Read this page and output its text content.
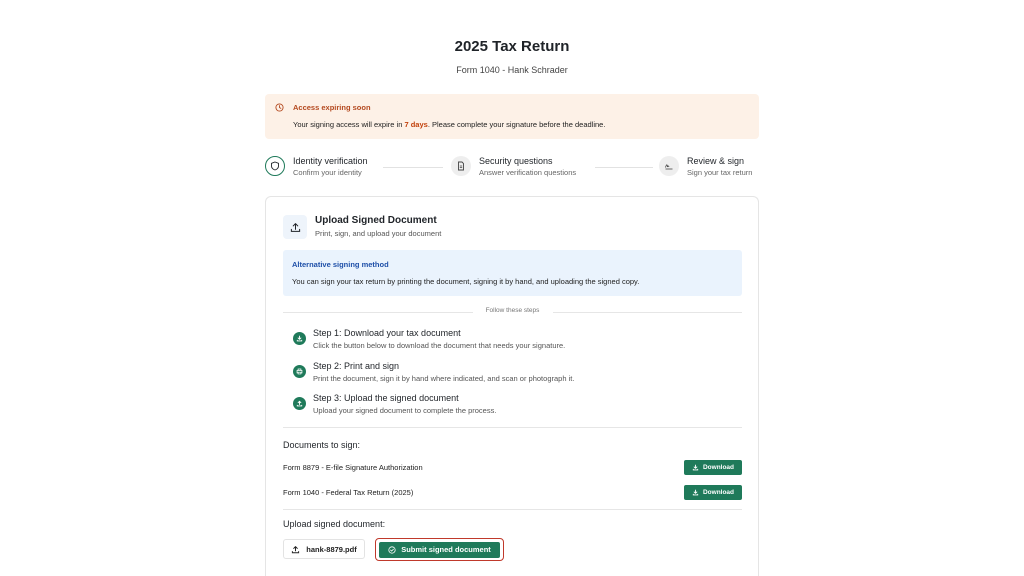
2025 Tax Return
Form 1040 - Hank Schrader
Access expiring soon
Your signing access will expire in 7 days. Please complete your signature before the deadline.
Identity verification
Confirm your identity
Security questions
Answer verification questions
Review & sign
Sign your tax return
Upload Signed Document
Print, sign, and upload your document
Alternative signing method
You can sign your tax return by printing the document, signing it by hand, and uploading the signed copy.
Follow these steps
Step 1: Download your tax document
Click the button below to download the document that needs your signature.
Step 2: Print and sign
Print the document, sign it by hand where indicated, and scan or photograph it.
Step 3: Upload the signed document
Upload your signed document to complete the process.
Documents to sign:
Form 8879 - E-file Signature Authorization	Download
Form 1040 - Federal Tax Return (2025)	Download
Upload signed document:
hank-8879.pdf	Submit signed document
